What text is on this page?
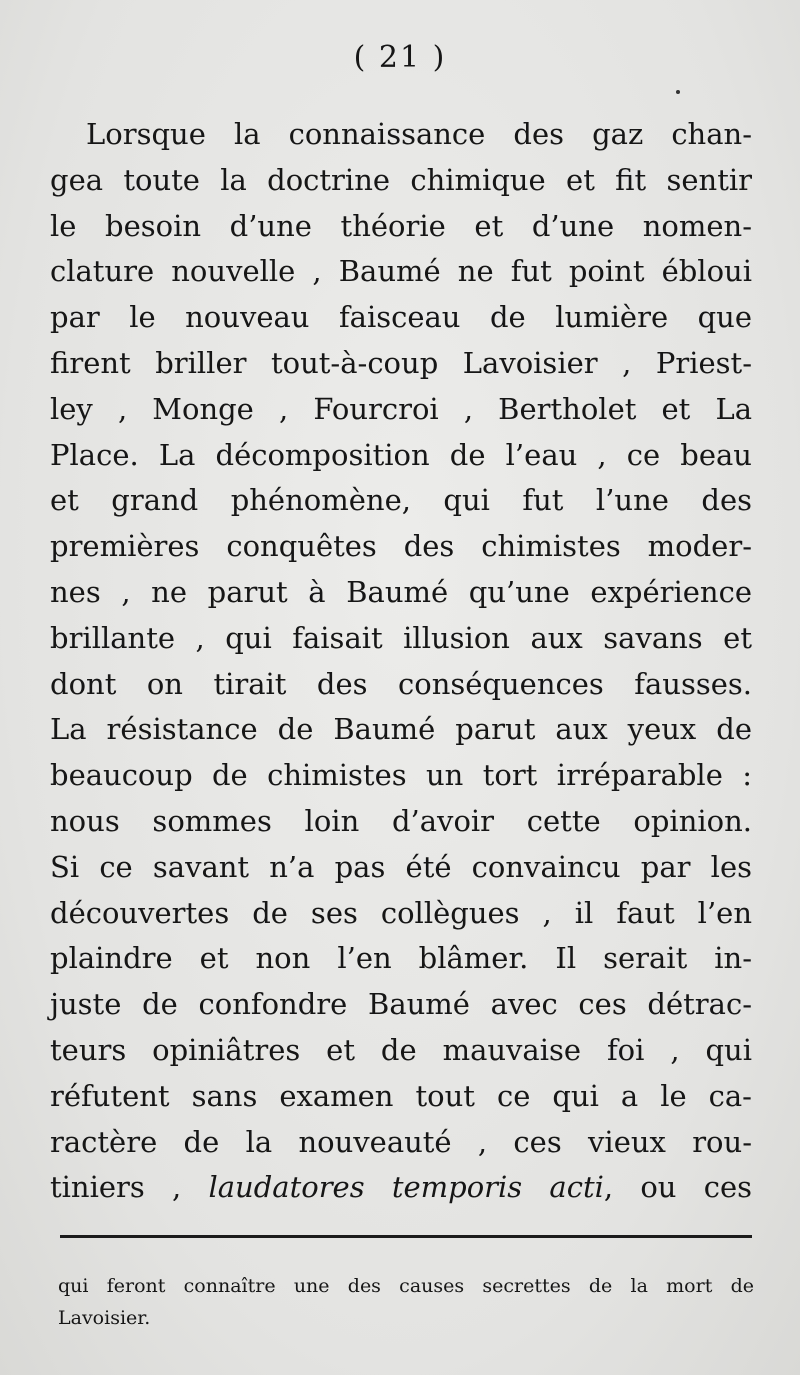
( 21 )
Lorsque la connaissance des gaz chan-
gea toute la doctrine chimique et fit sentir
le besoin d’une théorie et d’une nomen-
clature nouvelle , Baumé ne fut point ébloui
par le nouveau faisceau de lumière que
firent briller tout-à-coup Lavoisier , Priest-
ley , Monge , Fourcroi , Bertholet et La
Place. La décomposition de l’eau , ce beau
et grand phénomène, qui fut l’une des
premières conquêtes des chimistes moder-
nes , ne parut à Baumé qu’une expérience
brillante , qui faisait illusion aux savans et
dont on tirait des conséquences fausses.
La résistance de Baumé parut aux yeux de
beaucoup de chimistes un tort irréparable :
nous sommes loin d’avoir cette opinion.
Si ce savant n’a pas été convaincu par les
découvertes de ses collègues , il faut l’en
plaindre et non l’en blâmer. Il serait in-
juste de confondre Baumé avec ces détrac-
teurs opiniâtres et de mauvaise foi , qui
réfutent sans examen tout ce qui a le ca-
ractère de la nouveauté , ces vieux rou-
tiniers , laudatores temporis acti, ou ces
qui feront connaître une des causes secrettes de la mort de
Lavoisier.
